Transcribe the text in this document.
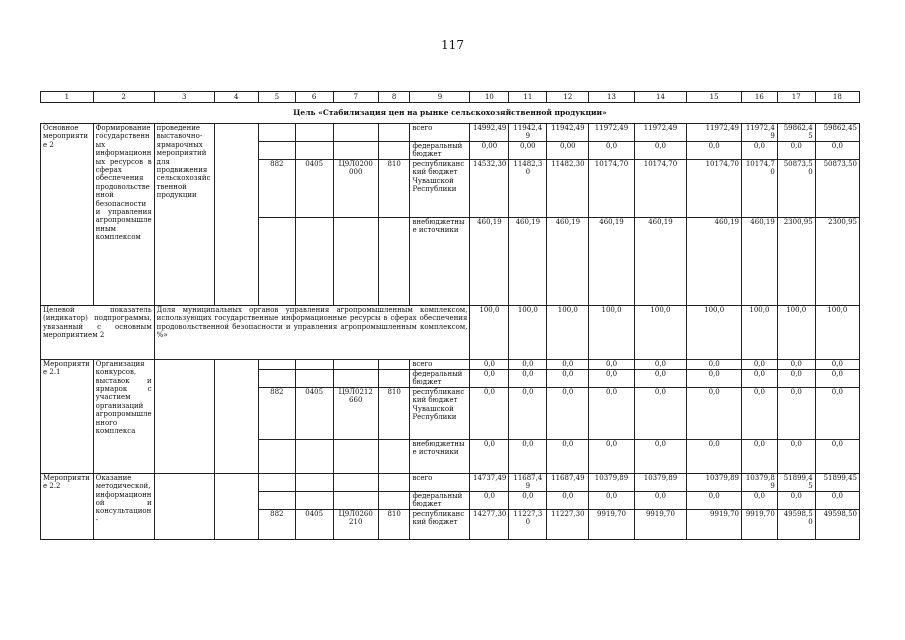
117
1	2	3	4	5	6	7	8	9	10	11	12	13	14	15	16	17	18
Цель «Стабилизация цен на рынке сельскохозяйственной продукции»																	
Основное мероприятие 2	Формирование государственных информационных ресурсов в сферах обеспечения продовольственной безопасности и управления агропромышленным комплексом	проведение выставочно-ярмарочных мероприятий для продвижения сельскохозяйственной продукции						всего	14992,49	11942,49	11942,49	11972,49	11972,49	11972,49	11972,49	59862,45	59862,45
								федеральный бюджет	0,00	0,00	0,00	0,0	0,0	0,0	0,0	0,0	0,0
				882	0405	Ц9Л0200 000	810	республиканский бюджет Чувашской Республики	14532,30	11482,30	11482,30	10174,70	10174,70	10174,70	10174,70	50873,50	50873,50
								внебюджетные источники	460,19	460,19	460,19	460,19	460,19	460,19	460,19	2300,95	2300,95
Целевой показатель (индикатор) подпрограммы, увязанный с основным мероприятием 2		Доля муниципальных органов управления агропромышленным комплексом, использующих государственные информационные ресурсы в сферах обеспечения продовольственной безопасности и управления агропромышленным комплексом, %»							100,0	100,0	100,0	100,0	100,0	100,0	100,0	100,0	100,0
Мероприятие 2.1	Организация конкурсов, выставок и ярмарок с участием организаций агропромышленного комплекса							всего	0,0	0,0	0,0	0,0	0,0	0,0	0,0	0,0	0,0
								федеральный бюджет	0,0	0,0	0,0	0,0	0,0	0,0	0,0	0,0	0,0
				882	0405	Ц9Л0212 660	810	республиканский бюджет Чувашской Республики	0,0	0,0	0,0	0,0	0,0	0,0	0,0	0,0	0,0
								внебюджетные источники	0,0	0,0	0,0	0,0	0,0	0,0	0,0	0,0	0,0
Мероприятие 2.2	Оказание методической, информационной и консультацион-							всего	14737,49	11687,49	11687,49	10379,89	10379,89	10379,89	10379,89	51899,45	51899,45
								федеральный бюджет	0,0	0,0	0,0	0,0	0,0	0,0	0,0	0,0	0,0
				882	0405	Ц9Л0260 210	810	республиканский бюджет	14277,30	11227,30	11227,30	9919,70	9919,70	9919,70	9919,70	49598,50	49598,50
